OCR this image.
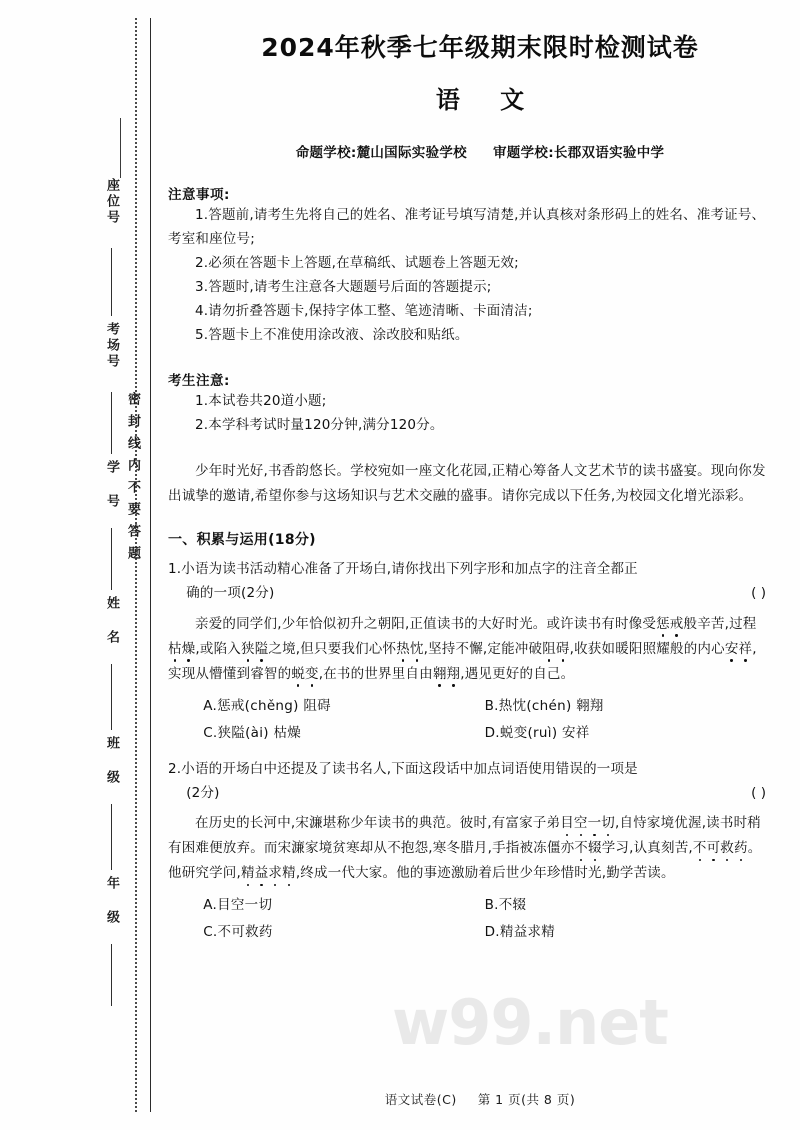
密封线内不要答题
座位号
考场号
学 号
姓 名
班 级
年 级
2024年秋季七年级期末限时检测试卷
语 文
命题学校:麓山国际实验学校 审题学校:长郡双语实验中学
注意事项:
1.答题前,请考生先将自己的姓名、准考证号填写清楚,并认真核对条形码上的姓名、准考证号、考室和座位号;
2.必须在答题卡上答题,在草稿纸、试题卷上答题无效;
3.答题时,请考生注意各大题题号后面的答题提示;
4.请勿折叠答题卡,保持字体工整、笔迹清晰、卡面清洁;
5.答题卡上不准使用涂改液、涂改胶和贴纸。
考生注意:
1.本试卷共20道小题;
2.本学科考试时量120分钟,满分120分。
少年时光好,书香韵悠长。学校宛如一座文化花园,正精心筹备人文艺术节的读书盛宴。现向你发出诚挚的邀请,希望你参与这场知识与艺术交融的盛事。请你完成以下任务,为校园文化增光添彩。
一、积累与运用(18分)
1.小语为读书活动精心准备了开场白,请你找出下列字形和加点字的注音全都正
( )
确的一项(2分)
亲爱的同学们,少年恰似初升之朝阳,正值读书的大好时光。或许读书有时像受惩戒般辛苦,过程枯燥,或陷入狭隘之境,但只要我们心怀热忱,坚持不懈,定能冲破阻碍,收获如暖阳照耀般的内心安祥,实现从懵懂到睿智的蜕变,在书的世界里自由翱翔,遇见更好的自己。
A.惩戒(chěng) 阻碍	B.热忱(chén) 翱翔
C.狭隘(ài) 枯燥	D.蜕变(ruì) 安祥
2.小语的开场白中还提及了读书名人,下面这段话中加点词语使用错误的一项是
( )
(2分)
在历史的长河中,宋濂堪称少年读书的典范。彼时,有富家子弟目空一切,自恃家境优渥,读书时稍有困难便放弃。而宋濂家境贫寒却从不抱怨,寒冬腊月,手指被冻僵亦不辍学习,认真刻苦,不可救药。他研究学问,精益求精,终成一代大家。他的事迹激励着后世少年珍惜时光,勤学苦读。
A.目空一切	B.不辍
C.不可救药	D.精益求精
语文试卷(C) 第 1 页(共 8 页)
w99.net
